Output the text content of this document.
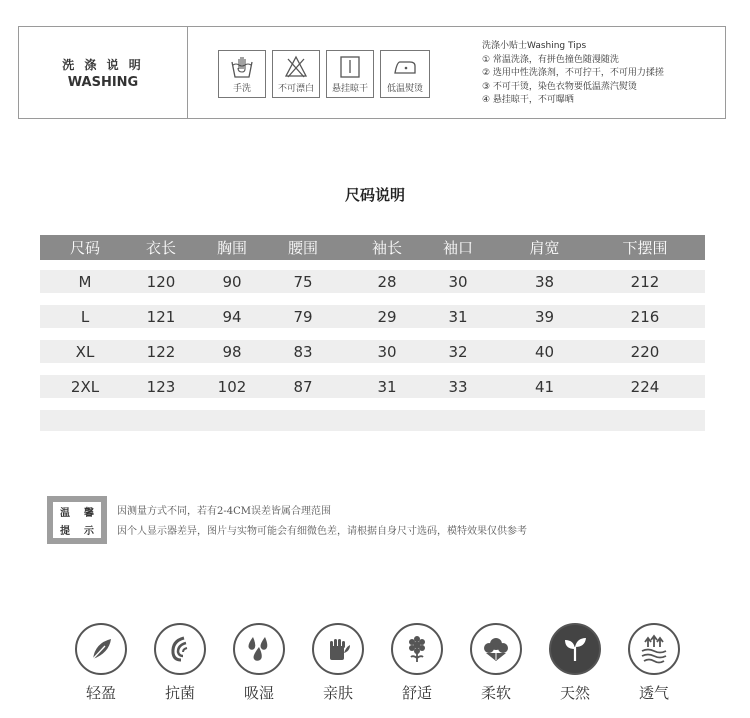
洗 涤 说 明
WASHING	手洗	不可漂白 悬挂晾干 低温熨烫
洗涤小贴士Washing Tips
① 常温洗涤，有拼色撞色随漫随洗
② 选用中性洗涤剂，不可拧干，不可用力揉搓
③ 不可干烫，染色衣物要低温蒸汽熨烫
④ 悬挂晾干，不可曝晒
尺码说明
尺码	衣长	胸围	腰围	袖长	袖口	肩宽	下摆围
M	120	90	75	28	30	38	212
L	121	94	79	29	31	39	216
XL	122	98	83	30	32	40	220
2XL	123	102	87	31	33	41	224
温 馨
提 示
因测量方式不同，若有2-4CM误差皆属合理范围
因个人显示器差异，图片与实物可能会有细微色差，请根据自身尺寸选码，模特效果仅供参考
轻盈	抗菌	吸湿	亲肤	舒适	柔软	天然	透气
